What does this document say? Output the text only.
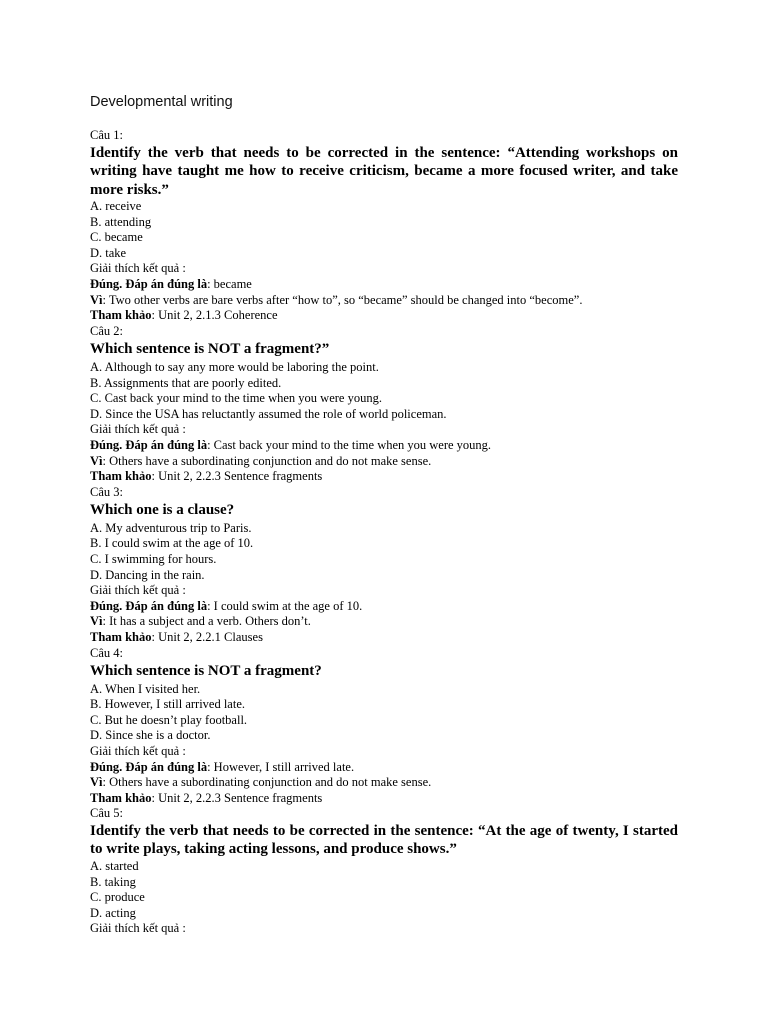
Developmental writing

Câu 1:

Identify the verb that needs to be corrected in the sentence: “Attending workshops on writing have taught me how to receive criticism, became a more focused writer, and take more risks.”

A. receive
B. attending
C. became
D. take

Giải thích kết quả :

Đúng. Đáp án đúng là: became

Vì: Two other verbs are bare verbs after “how to”, so “became” should be changed into “become”.

Tham khảo: Unit 2, 2.1.3 Coherence

Câu 2:

Which sentence is NOT a fragment?”

A. Although to say any more would be laboring the point.
B. Assignments that are poorly edited.
C. Cast back your mind to the time when you were young.
D. Since the USA has reluctantly assumed the role of world policeman.

Giải thích kết quả :

Đúng. Đáp án đúng là: Cast back your mind to the time when you were young.

Vì: Others have a subordinating conjunction and do not make sense.

Tham khảo: Unit 2, 2.2.3 Sentence fragments

Câu 3:

Which one is a clause?

A. My adventurous trip to Paris.
B. I could swim at the age of 10.
C. I swimming for hours.
D. Dancing in the rain.

Giải thích kết quả :

Đúng. Đáp án đúng là: I could swim at the age of 10.

Vì: It has a subject and a verb. Others don’t.

Tham khảo: Unit 2, 2.2.1 Clauses

Câu 4:

Which sentence is NOT a fragment?

A. When I visited her.
B. However, I still arrived late.
C. But he doesn’t play football.
D. Since she is a doctor.

Giải thích kết quả :

Đúng. Đáp án đúng là: However, I still arrived late.

Vì: Others have a subordinating conjunction and do not make sense.

Tham khảo: Unit 2, 2.2.3 Sentence fragments

Câu 5:

Identify the verb that needs to be corrected in the sentence: “At the age of twenty, I started to write plays, taking acting lessons, and produce shows.”

A. started
B. taking
C. produce
D. acting

Giải thích kết quả :
